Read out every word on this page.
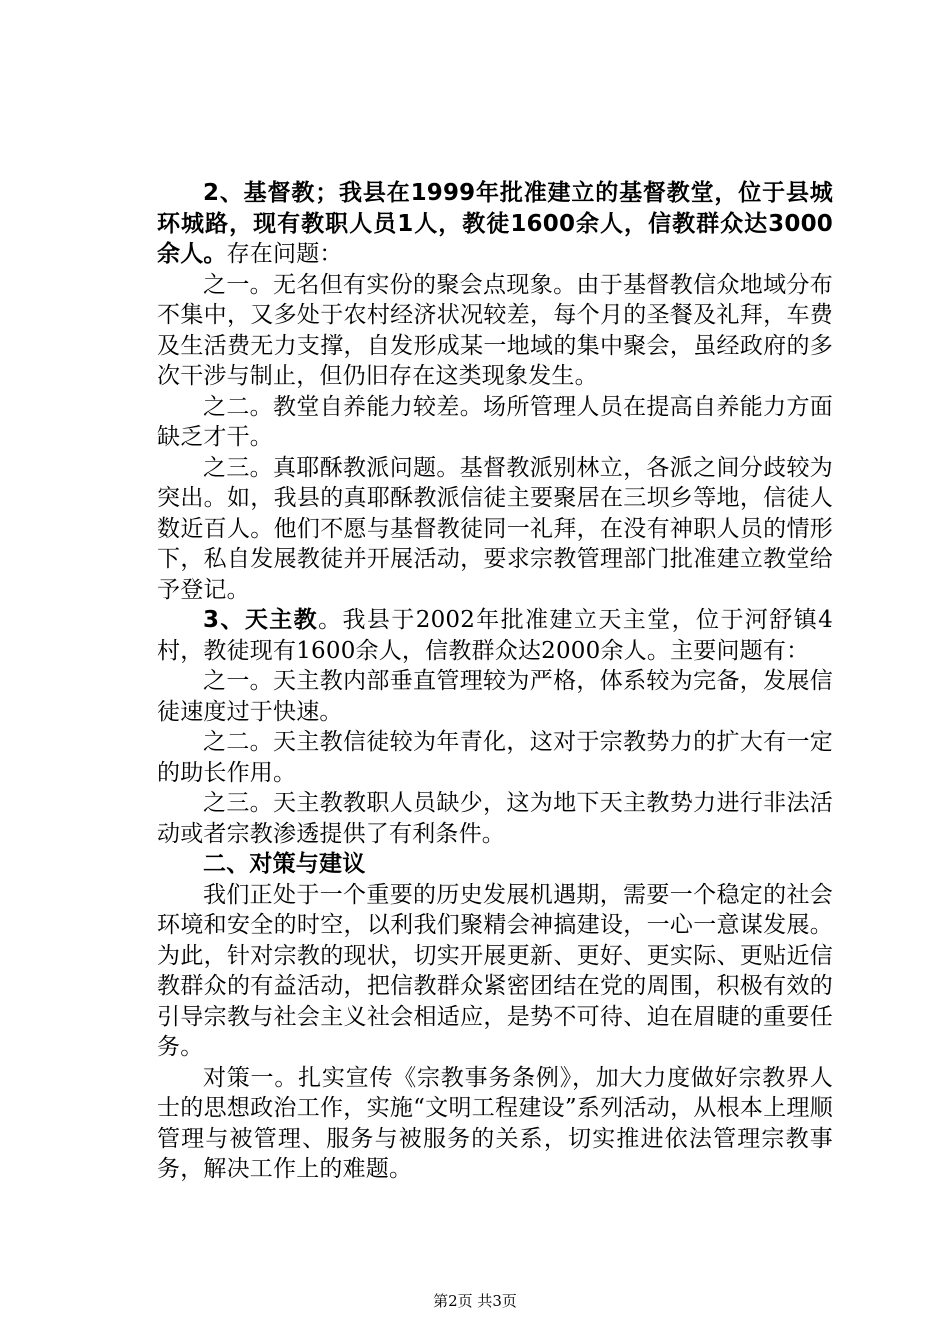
2、基督教；我县在1999年批准建立的基督教堂，位于县城环城路，现有教职人员1人，教徒1600余人，信教群众达3000余人。存在问题：

之一。无名但有实份的聚会点现象。由于基督教信众地域分布不集中，又多处于农村经济状况较差，每个月的圣餐及礼拜，车费及生活费无力支撑，自发形成某一地域的集中聚会，虽经政府的多次干涉与制止，但仍旧存在这类现象发生。

之二。教堂自养能力较差。场所管理人员在提高自养能力方面缺乏才干。

之三。真耶酥教派问题。基督教派别林立，各派之间分歧较为突出。如，我县的真耶酥教派信徒主要聚居在三坝乡等地，信徒人数近百人。他们不愿与基督教徒同一礼拜，在没有神职人员的情形下，私自发展教徒并开展活动，要求宗教管理部门批准建立教堂给予登记。

3、天主教。我县于2002年批准建立天主堂，位于河舒镇4村，教徒现有1600余人，信教群众达2000余人。主要问题有：

之一。天主教内部垂直管理较为严格，体系较为完备，发展信徒速度过于快速。

之二。天主教信徒较为年青化，这对于宗教势力的扩大有一定的助长作用。

之三。天主教教职人员缺少，这为地下天主教势力进行非法活动或者宗教渗透提供了有利条件。

二、对策与建议

我们正处于一个重要的历史发展机遇期，需要一个稳定的社会环境和安全的时空，以利我们聚精会神搞建设，一心一意谋发展。为此，针对宗教的现状，切实开展更新、更好、更实际、更贴近信教群众的有益活动，把信教群众紧密团结在党的周围，积极有效的引导宗教与社会主义社会相适应，是势不可待、迫在眉睫的重要任务。

对策一。扎实宣传《宗教事务条例》，加大力度做好宗教界人士的思想政治工作，实施“文明工程建设”系列活动，从根本上理顺管理与被管理、服务与被服务的关系，切实推进依法管理宗教事务，解决工作上的难题。

第2页 共3页
